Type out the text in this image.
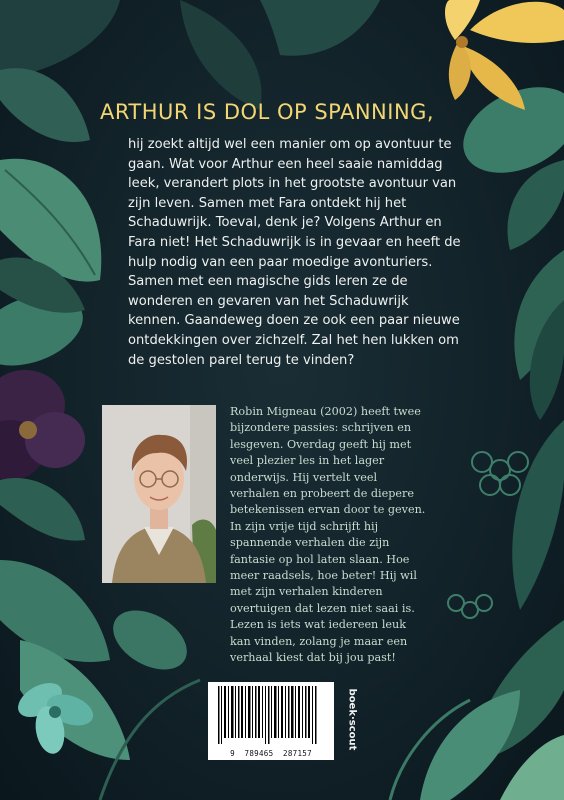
ARTHUR IS DOL OP SPANNING,

hij zoekt altijd wel een manier om op avontuur te gaan. Wat voor Arthur een heel saaie namiddag leek, verandert plots in het grootste avontuur van zijn leven. Samen met Fara ontdekt hij het Schaduwrijk. Toeval, denk je? Volgens Arthur en Fara niet! Het Schaduwrijk is in gevaar en heeft de hulp nodig van een paar moedige avonturiers. Samen met een magische gids leren ze de wonderen en gevaren van het Schaduwrijk kennen. Gaandeweg doen ze ook een paar nieuwe ontdekkingen over zichzelf. Zal het hen lukken om de gestolen parel terug te vinden?

Robin Migneau (2002) heeft twee bijzondere passies: schrijven en lesgeven. Overdag geeft hij met veel plezier les in het lager onderwijs. Hij vertelt veel verhalen en probeert de diepere betekenissen ervan door te geven. In zijn vrije tijd schrijft hij spannende verhalen die zijn fantasie op hol laten slaan. Hoe meer raadsels, hoe beter! Hij wil met zijn verhalen kinderen overtuigen dat lezen niet saai is. Lezen is iets wat iedereen leuk kan vinden, zolang je maar een verhaal kiest dat bij jou past!

9  789465  287157
boek·scout
